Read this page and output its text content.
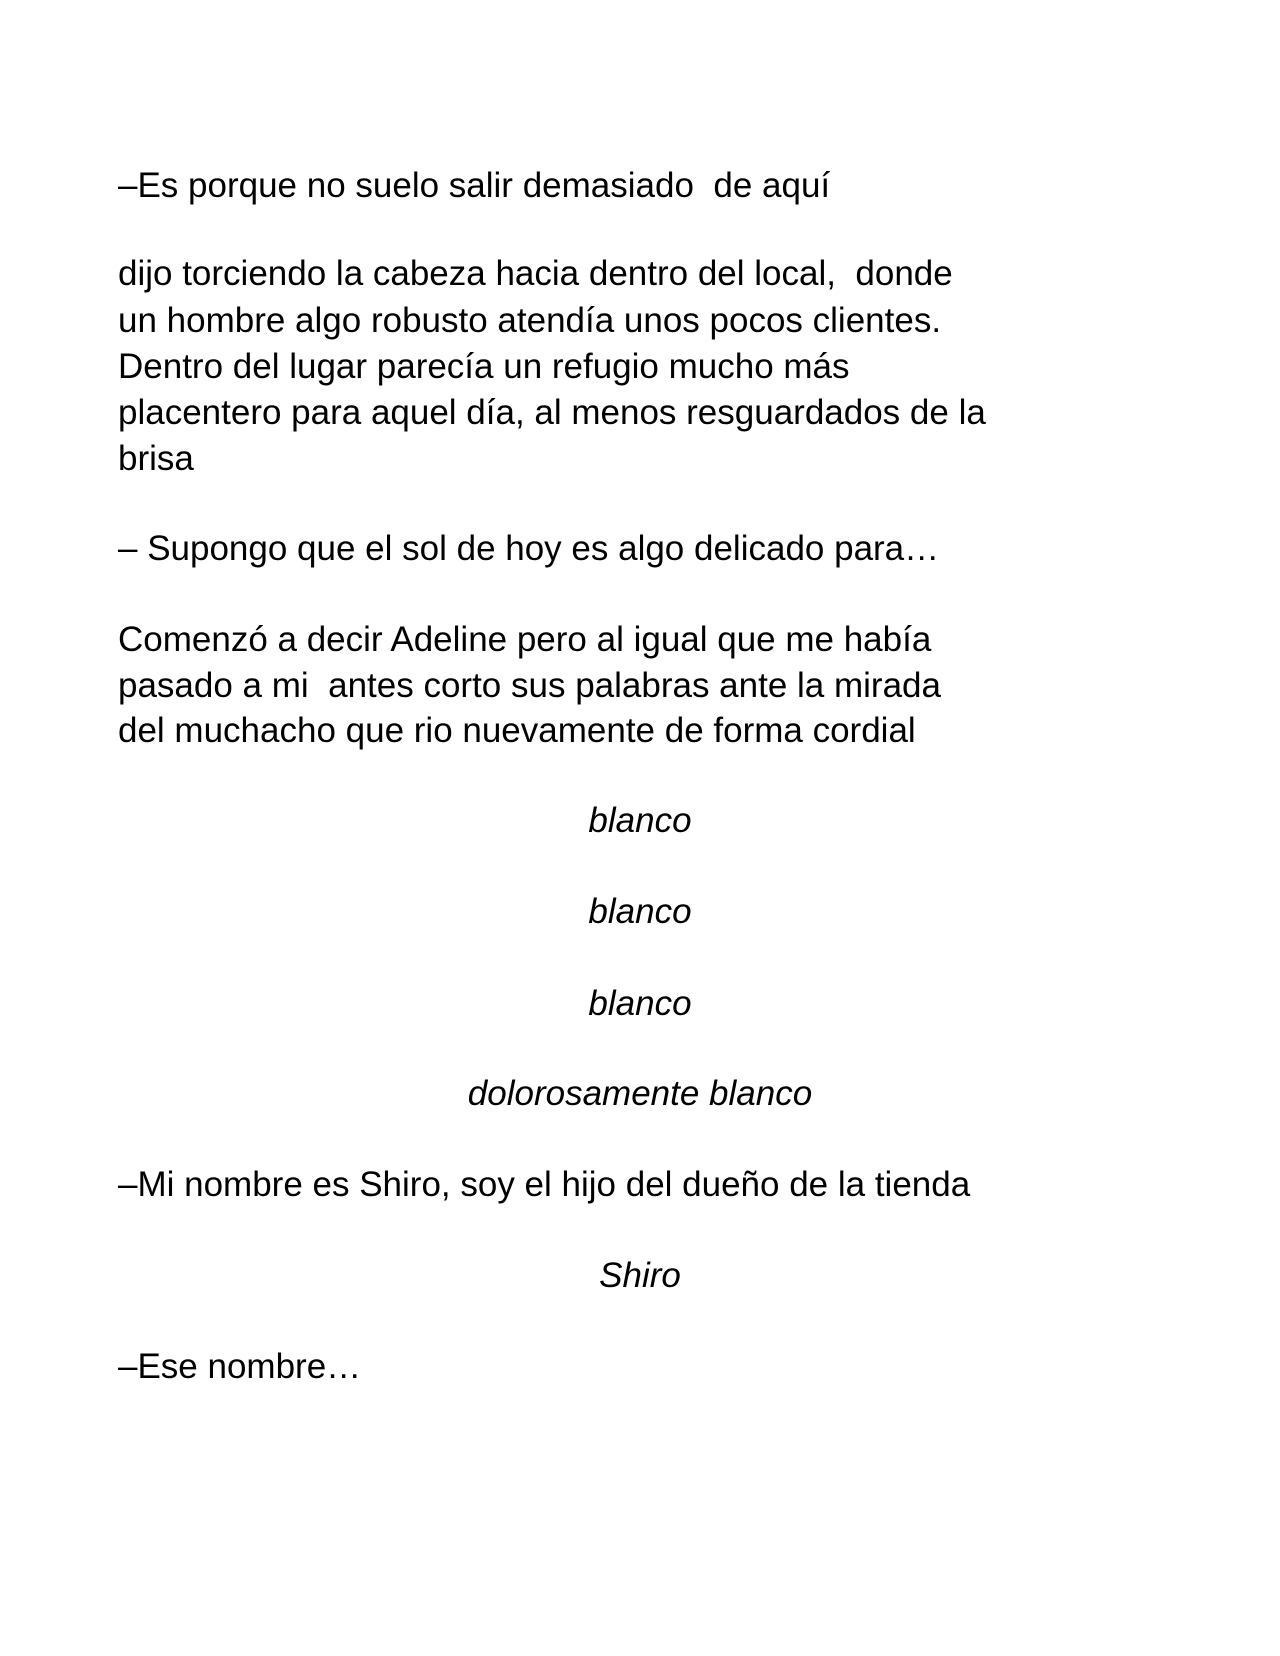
–Es porque no suelo salir demasiado  de aquí

dijo torciendo la cabeza hacia dentro del local,  donde

un hombre algo robusto atendía unos pocos clientes.

Dentro del lugar parecía un refugio mucho más

placentero para aquel día, al menos resguardados de la

brisa

– Supongo que el sol de hoy es algo delicado para…

Comenzó a decir Adeline pero al igual que me había

pasado a mi  antes corto sus palabras ante la mirada

del muchacho que rio nuevamente de forma cordial

blanco

blanco

blanco

dolorosamente blanco

–Mi nombre es Shiro, soy el hijo del dueño de la tienda

Shiro

–Ese nombre…
